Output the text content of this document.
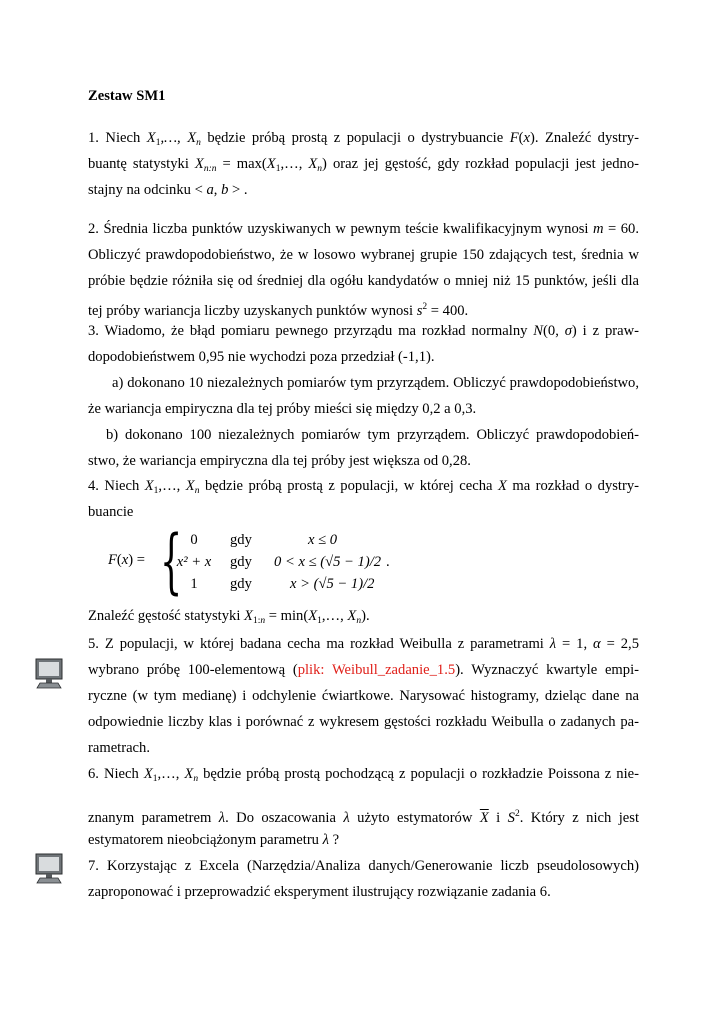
Zestaw SM1
1. Niech $X_1,\dots$, $X_n$ będzie próbą prostą z populacji o dystrybuancie F(x). Znaleźć dystry-
buantę statystyki $X_{n:n}$ = $\max(X_1,\dots$, $X_n$) oraz jej gęstość, gdy rozkład populacji jest jedno-
stajny na odcinku < a, b > .
2. Średnia liczba punktów uzyskiwanych w pewnym teście kwalifikacyjnym wynosi m = 60.
Obliczyć prawdopodobieństwo, że w losowo wybranej grupie 150 zdających test, średnia w
próbie będzie różniła się od średniej dla ogółu kandydatów o mniej niż 15 punktów, jeśli dla
tej próby wariancja liczby uzyskanych punktów wynosi $s^2 = 400$.
3. Wiadomo, że błąd pomiaru pewnego przyrządu ma rozkład normalny N(0, σ) i z praw-
dopodobieństwem 0,95 nie wychodzi poza przedział (-1,1).
a) dokonano 10 niezależnych pomiarów tym przyrządem. Obliczyć prawdopodobieństwo,
że wariancja empiryczna dla tej próby mieści się między 0,2 a 0,3.
b) dokonano 100 niezależnych pomiarów tym przyrządem. Obliczyć prawdopodobień-
stwo, że wariancja empiryczna dla tej próby jest większa od 0,28.
4. Niech $X_1,\dots$, $X_n$ będzie próbą prostą z populacji, w której cecha X ma rozkład o dystry-
buancie
F(x) = { 0	gdy	x ≤ 0
x² + x gdy 0 < x ≤ (√5 − 1)/2
1	gdy	x > (√5 − 1)/2
.
Znaleźć gęstość statystyki $X_{1:n}$ = $\min(X_1,\dots$, $X_n$).
5. Z populacji, w której badana cecha ma rozkład Weibulla z parametrami λ = 1, α = 2,5
wybrano próbę 100-elementową (plik: Weibull_zadanie_1.5). Wyznaczyć kwartyle empi-
ryczne (w tym medianę) i odchylenie ćwiartkowe. Narysować histogramy, dzieląc dane na
odpowiednie liczby klas i porównać z wykresem gęstości rozkładu Weibulla o zadanych pa-
rametrach.
6. Niech $X_1,\dots$, $X_n$ będzie próbą prostą pochodzącą z populacji o rozkładzie Poissona z nie-
znanym parametrem λ. Do oszacowania λ użyto estymatorów $\overline{X}$ i $S^2$. Który z nich jest
estymatorem nieobciążonym parametru λ ?
7. Korzystając z Excela (Narzędzia/Analiza danych/Generowanie liczb pseudolosowych)
zaproponować i przeprowadzić eksperyment ilustrujący rozwiązanie zadania 6.
